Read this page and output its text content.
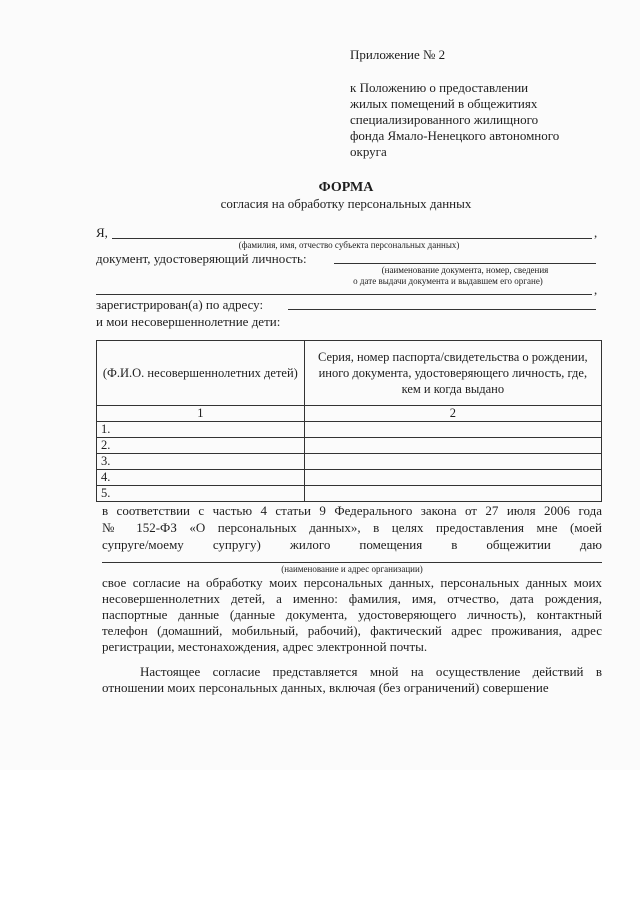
Приложение № 2
к Положению о предоставлении
жилых помещений в общежитиях
специализированного жилищного
фонда Ямало-Ненецкого автономного
округа
ФОРМА
согласия на обработку персональных данных
Я,	,
(фамилия, имя, отчество субъекта персональных данных)
документ, удостоверяющий личность:
(наименование документа, номер, сведения
о дате выдачи документа и выдавшем его органе)
,
зарегистрирован(а) по адресу:
и мои несовершеннолетние дети:
(Ф.И.О. несовершеннолетних детей)	Серия, номер паспорта/свидетельства о рождении, иного документа, удостоверяющего личность, где, кем и когда выдано
1	2
1.	
2.	
3.	
4.	
5.	
в соответствии с частью 4 статьи 9 Федерального закона от 27 июля 2006 года
№ 152-ФЗ «О персональных данных», в целях предоставления мне (моей
супруге/моему супругу) жилого помещения в общежитии даю
(наименование и адрес организации)
свое согласие на обработку моих персональных данных, персональных данных моих несовершеннолетних детей, а именно: фамилия, имя, отчество, дата рождения, паспортные данные (данные документа, удостоверяющего личность), контактный телефон (домашний, мобильный, рабочий), фактический адрес проживания, адрес регистрации, местонахождения, адрес электронной почты.
Настоящее согласие представляется мной на осуществление действий в отношении моих персональных данных, включая (без ограничений) совершение
